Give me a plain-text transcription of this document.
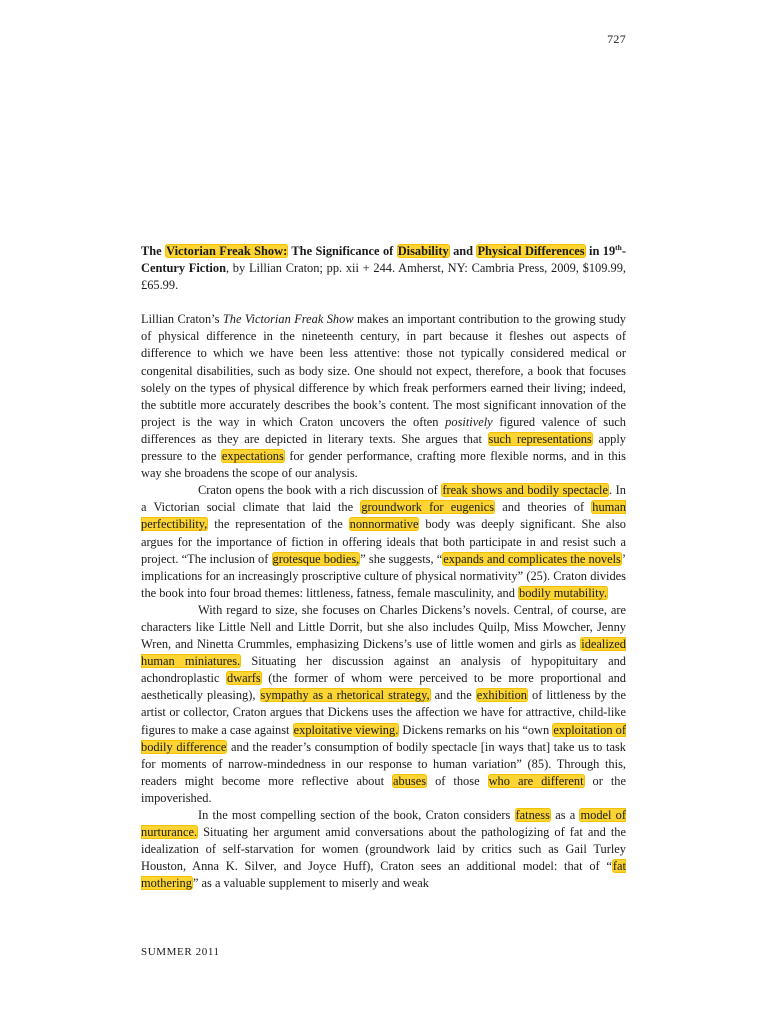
727

The Victorian Freak Show: The Significance of Disability and Physical Differences in 19th-Century Fiction, by Lillian Craton; pp. xii + 244. Amherst, NY: Cambria Press, 2009, $109.99, £65.99.

Lillian Craton’s The Victorian Freak Show makes an important contribution to the growing study of physical difference in the nineteenth century, in part because it fleshes out aspects of difference to which we have been less attentive: those not typically considered medical or congenital disabilities, such as body size. One should not expect, therefore, a book that focuses solely on the types of physical difference by which freak performers earned their living; indeed, the subtitle more accurately describes the book’s content. The most significant innovation of the project is the way in which Craton uncovers the often positively figured valence of such differences as they are depicted in literary texts. She argues that such representations apply pressure to the expectations for gender performance, crafting more flexible norms, and in this way she broadens the scope of our analysis.

Craton opens the book with a rich discussion of freak shows and bodily spectacle. In a Victorian social climate that laid the groundwork for eugenics and theories of human perfectibility, the representation of the nonnormative body was deeply significant. She also argues for the importance of fiction in offering ideals that both participate in and resist such a project. “The inclusion of grotesque bodies,” she suggests, “expands and complicates the novels’ implications for an increasingly proscriptive culture of physical normativity” (25). Craton divides the book into four broad themes: littleness, fatness, female masculinity, and bodily mutability.

With regard to size, she focuses on Charles Dickens’s novels. Central, of course, are characters like Little Nell and Little Dorrit, but she also includes Quilp, Miss Mowcher, Jenny Wren, and Ninetta Crummles, emphasizing Dickens’s use of little women and girls as idealized human miniatures. Situating her discussion against an analysis of hypopituitary and achondroplastic dwarfs (the former of whom were perceived to be more proportional and aesthetically pleasing), sympathy as a rhetorical strategy, and the exhibition of littleness by the artist or collector, Craton argues that Dickens uses the affection we have for attractive, child-like figures to make a case against exploitative viewing. Dickens remarks on his “own exploitation of bodily difference and the reader’s consumption of bodily spectacle [in ways that] take us to task for moments of narrow-mindedness in our response to human variation” (85). Through this, readers might become more reflective about abuses of those who are different or the impoverished.

In the most compelling section of the book, Craton considers fatness as a model of nurturance. Situating her argument amid conversations about the pathologizing of fat and the idealization of self-starvation for women (groundwork laid by critics such as Gail Turley Houston, Anna K. Silver, and Joyce Huff), Craton sees an additional model: that of “fat mothering” as a valuable supplement to miserly and weak

SUMMER 2011
